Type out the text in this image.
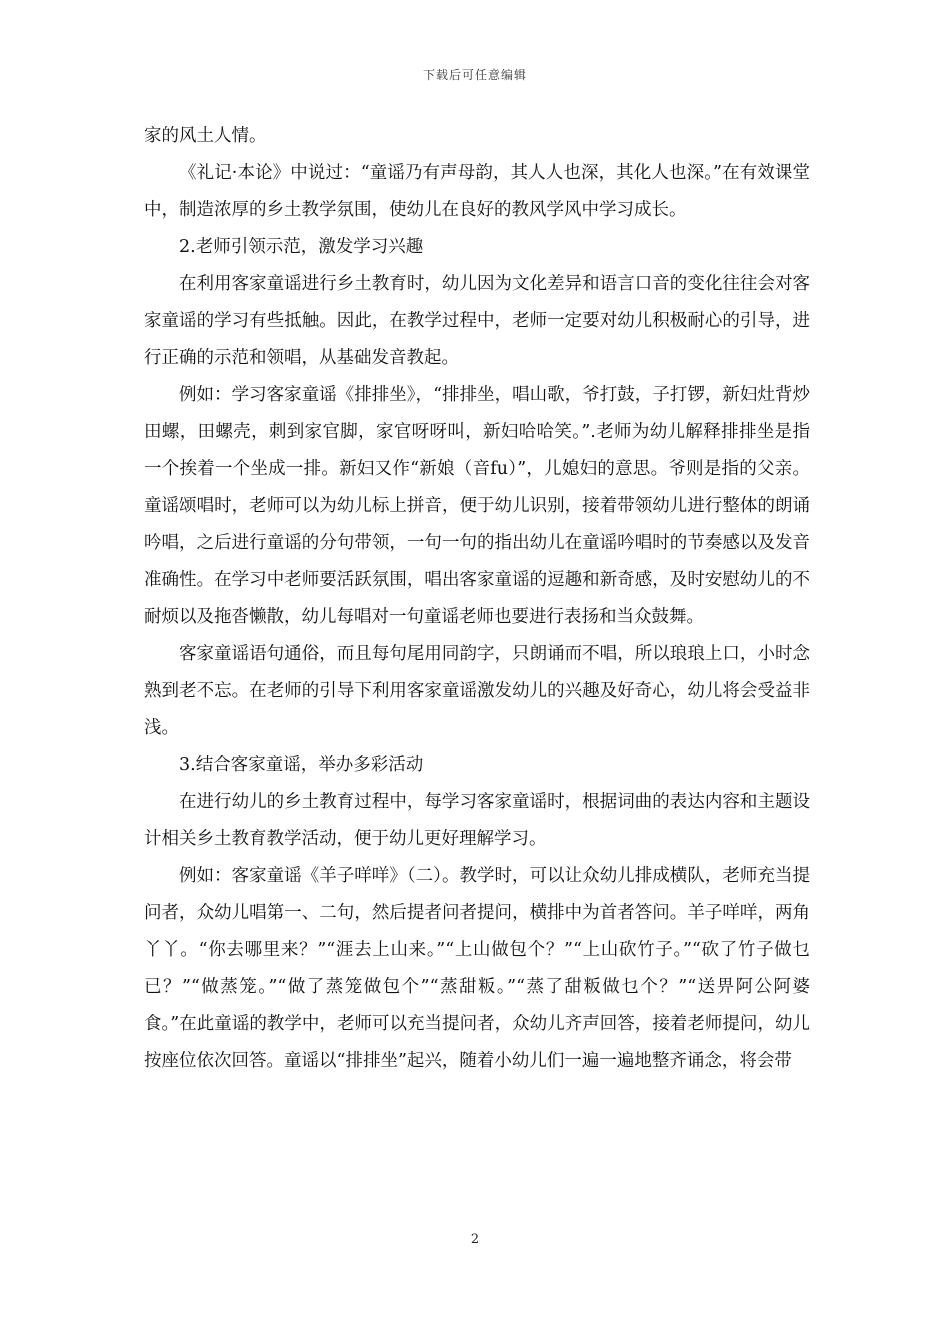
下载后可任意编辑

家的风土人情。

《礼记·本论》中说过：“童谣乃有声母韵，其人人也深，其化人也深。”在有效课堂中，制造浓厚的乡土教学氛围，使幼儿在良好的教风学风中学习成长。

2.老师引领示范，激发学习兴趣

在利用客家童谣进行乡土教育时，幼儿因为文化差异和语言口音的变化往往会对客家童谣的学习有些抵触。因此，在教学过程中，老师一定要对幼儿积极耐心的引导，进行正确的示范和领唱，从基础发音教起。

例如：学习客家童谣《排排坐》，“排排坐，唱山歌，爷打鼓，子打锣，新妇灶背炒田螺，田螺壳，刺到家官脚，家官呀呀叫，新妇哈哈笑。”.老师为幼儿解释排排坐是指一个挨着一个坐成一排。新妇又作“新娘（音fu）”，儿媳妇的意思。爷则是指的父亲。童谣颂唱时，老师可以为幼儿标上拼音，便于幼儿识别，接着带领幼儿进行整体的朗诵吟唱，之后进行童谣的分句带领，一句一句的指出幼儿在童谣吟唱时的节奏感以及发音准确性。在学习中老师要活跃氛围，唱出客家童谣的逗趣和新奇感，及时安慰幼儿的不耐烦以及拖沓懒散，幼儿每唱对一句童谣老师也要进行表扬和当众鼓舞。

客家童谣语句通俗，而且每句尾用同韵字，只朗诵而不唱，所以琅琅上口，小时念熟到老不忘。在老师的引导下利用客家童谣激发幼儿的兴趣及好奇心，幼儿将会受益非浅。

3.结合客家童谣，举办多彩活动

在进行幼儿的乡土教育过程中，每学习客家童谣时，根据词曲的表达内容和主题设计相关乡土教育教学活动，便于幼儿更好理解学习。

例如：客家童谣《羊子咩咩》（二）。教学时，可以让众幼儿排成横队，老师充当提问者，众幼儿唱第一、二句，然后提者问者提问，横排中为首者答问。羊子咩咩，两角丫丫。“你去哪里来？”“涯去上山来。”“上山做包个？”“上山砍竹子。”“砍了竹子做乜已？”“做蒸笼。”“做了蒸笼做包个”“蒸甜粄。”“蒸了甜粄做乜个？”“送畀阿公阿婆食。”在此童谣的教学中，老师可以充当提问者，众幼儿齐声回答，接着老师提问，幼儿按座位依次回答。童谣以“排排坐”起兴，随着小幼儿们一遍一遍地整齐诵念，将会带

2
